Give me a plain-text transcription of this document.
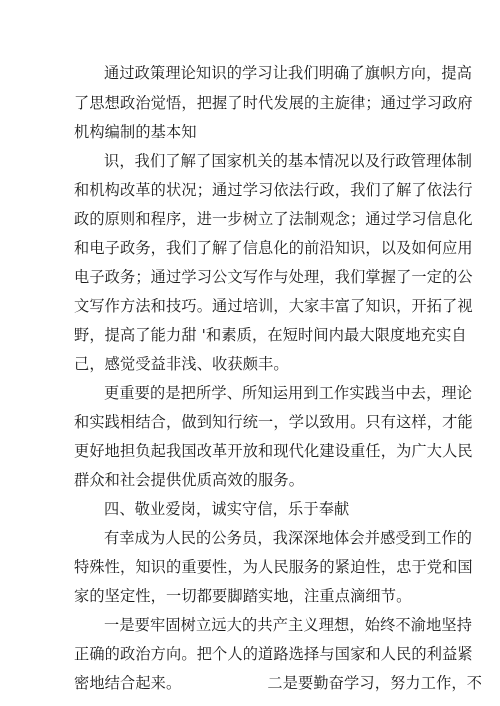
通过政策理论知识的学习让我们明确了旗帜方向，提高
了思想政治觉悟，把握了时代发展的主旋律；通过学习政府
机构编制的基本知
识，我们了解了国家机关的基本情况以及行政管理体制
和机构改革的状况；通过学习依法行政，我们了解了依法行
政的原则和程序，进一步树立了法制观念；通过学习信息化
和电子政务，我们了解了信息化的前沿知识，以及如何应用
电子政务；通过学习公文写作与处理，我们掌握了一定的公
文写作方法和技巧。通过培训，大家丰富了知识，开拓了视
野，提高了能力甜 '和素质，在短时间内最大限度地充实自
己，感觉受益非浅、收获颇丰。
更重要的是把所学、所知运用到工作实践当中去，理论
和实践相结合，做到知行统一，学以致用。只有这样，才能
更好地担负起我国改革开放和现代化建设重任，为广大人民
群众和社会提供优质高效的服务。
四、敬业爱岗，诚实守信，乐于奉献
有幸成为人民的公务员，我深深地体会并感受到工作的
特殊性，知识的重要性，为人民服务的紧迫性，忠于党和国
家的坚定性，一切都要脚踏实地，注重点滴细节。
一是要牢固树立远大的共产主义理想，始终不渝地坚持
正确的政治方向。把个人的道路选择与国家和人民的利益紧
密地结合起来。	二是要勤奋学习，努力工作，不
